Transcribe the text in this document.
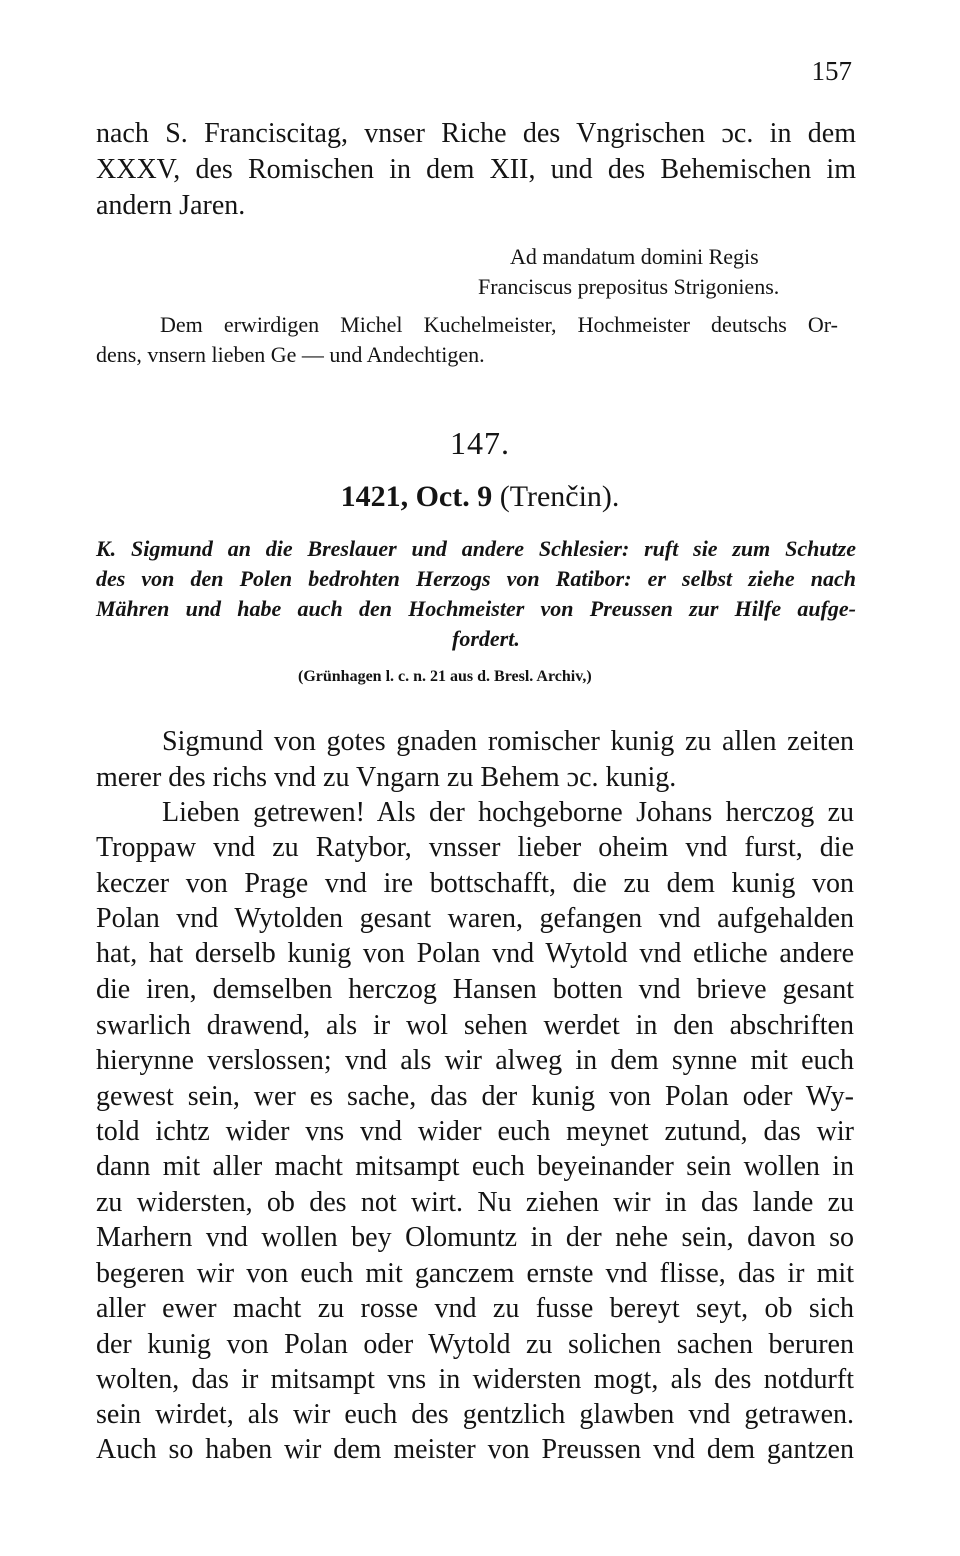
157
nach S. Franciscitag, vnser Riche des Vngrischen ɔc. in dem
XXXV, des Romischen in dem XII, und des Behemischen im
andern Jaren.
Ad mandatum domini Regis
Franciscus prepositus Strigoniens.
Dem erwirdigen Michel Kuchelmeister, Hochmeister deutschs Or-
dens, vnsern lieben Ge — und Andechtigen.
147.
1421, Oct. 9 (Trenčin).
K. Sigmund an die Breslauer und andere Schlesier: ruft sie zum Schutze
des von den Polen bedrohten Herzogs von Ratibor: er selbst ziehe nach
Mähren und habe auch den Hochmeister von Preussen zur Hilfe aufge-
fordert.
(Grünhagen l. c. n. 21 aus d. Bresl. Archiv,)
Sigmund von gotes gnaden romischer kunig zu allen zeiten
merer des richs vnd zu Vngarn zu Behem ɔc. kunig.
Lieben getrewen! Als der hochgeborne Johans herczog zu
Troppaw vnd zu Ratybor, vnsser lieber oheim vnd furst, die
keczer von Prage vnd ire bottschafft, die zu dem kunig von
Polan vnd Wytolden gesant waren, gefangen vnd aufgehalden
hat, hat derselb kunig von Polan vnd Wytold vnd etliche andere
die iren, demselben herczog Hansen botten vnd brieve gesant
swarlich drawend, als ir wol sehen werdet in den abschriften
hierynne verslossen; vnd als wir alweg in dem synne mit euch
gewest sein, wer es sache, das der kunig von Polan oder Wy-
told ichtz wider vns vnd wider euch meynet zutund, das wir
dann mit aller macht mitsampt euch beyeinander sein wollen in
zu widersten, ob des not wirt. Nu ziehen wir in das lande zu
Marhern vnd wollen bey Olomuntz in der nehe sein, davon so
begeren wir von euch mit ganczem ernste vnd flisse, das ir mit
aller ewer macht zu rosse vnd zu fusse bereyt seyt, ob sich
der kunig von Polan oder Wytold zu solichen sachen beruren
wolten, das ir mitsampt vns in widersten mogt, als des notdurft
sein wirdet, als wir euch des gentzlich glawben vnd getrawen.
Auch so haben wir dem meister von Preussen vnd dem gantzen
